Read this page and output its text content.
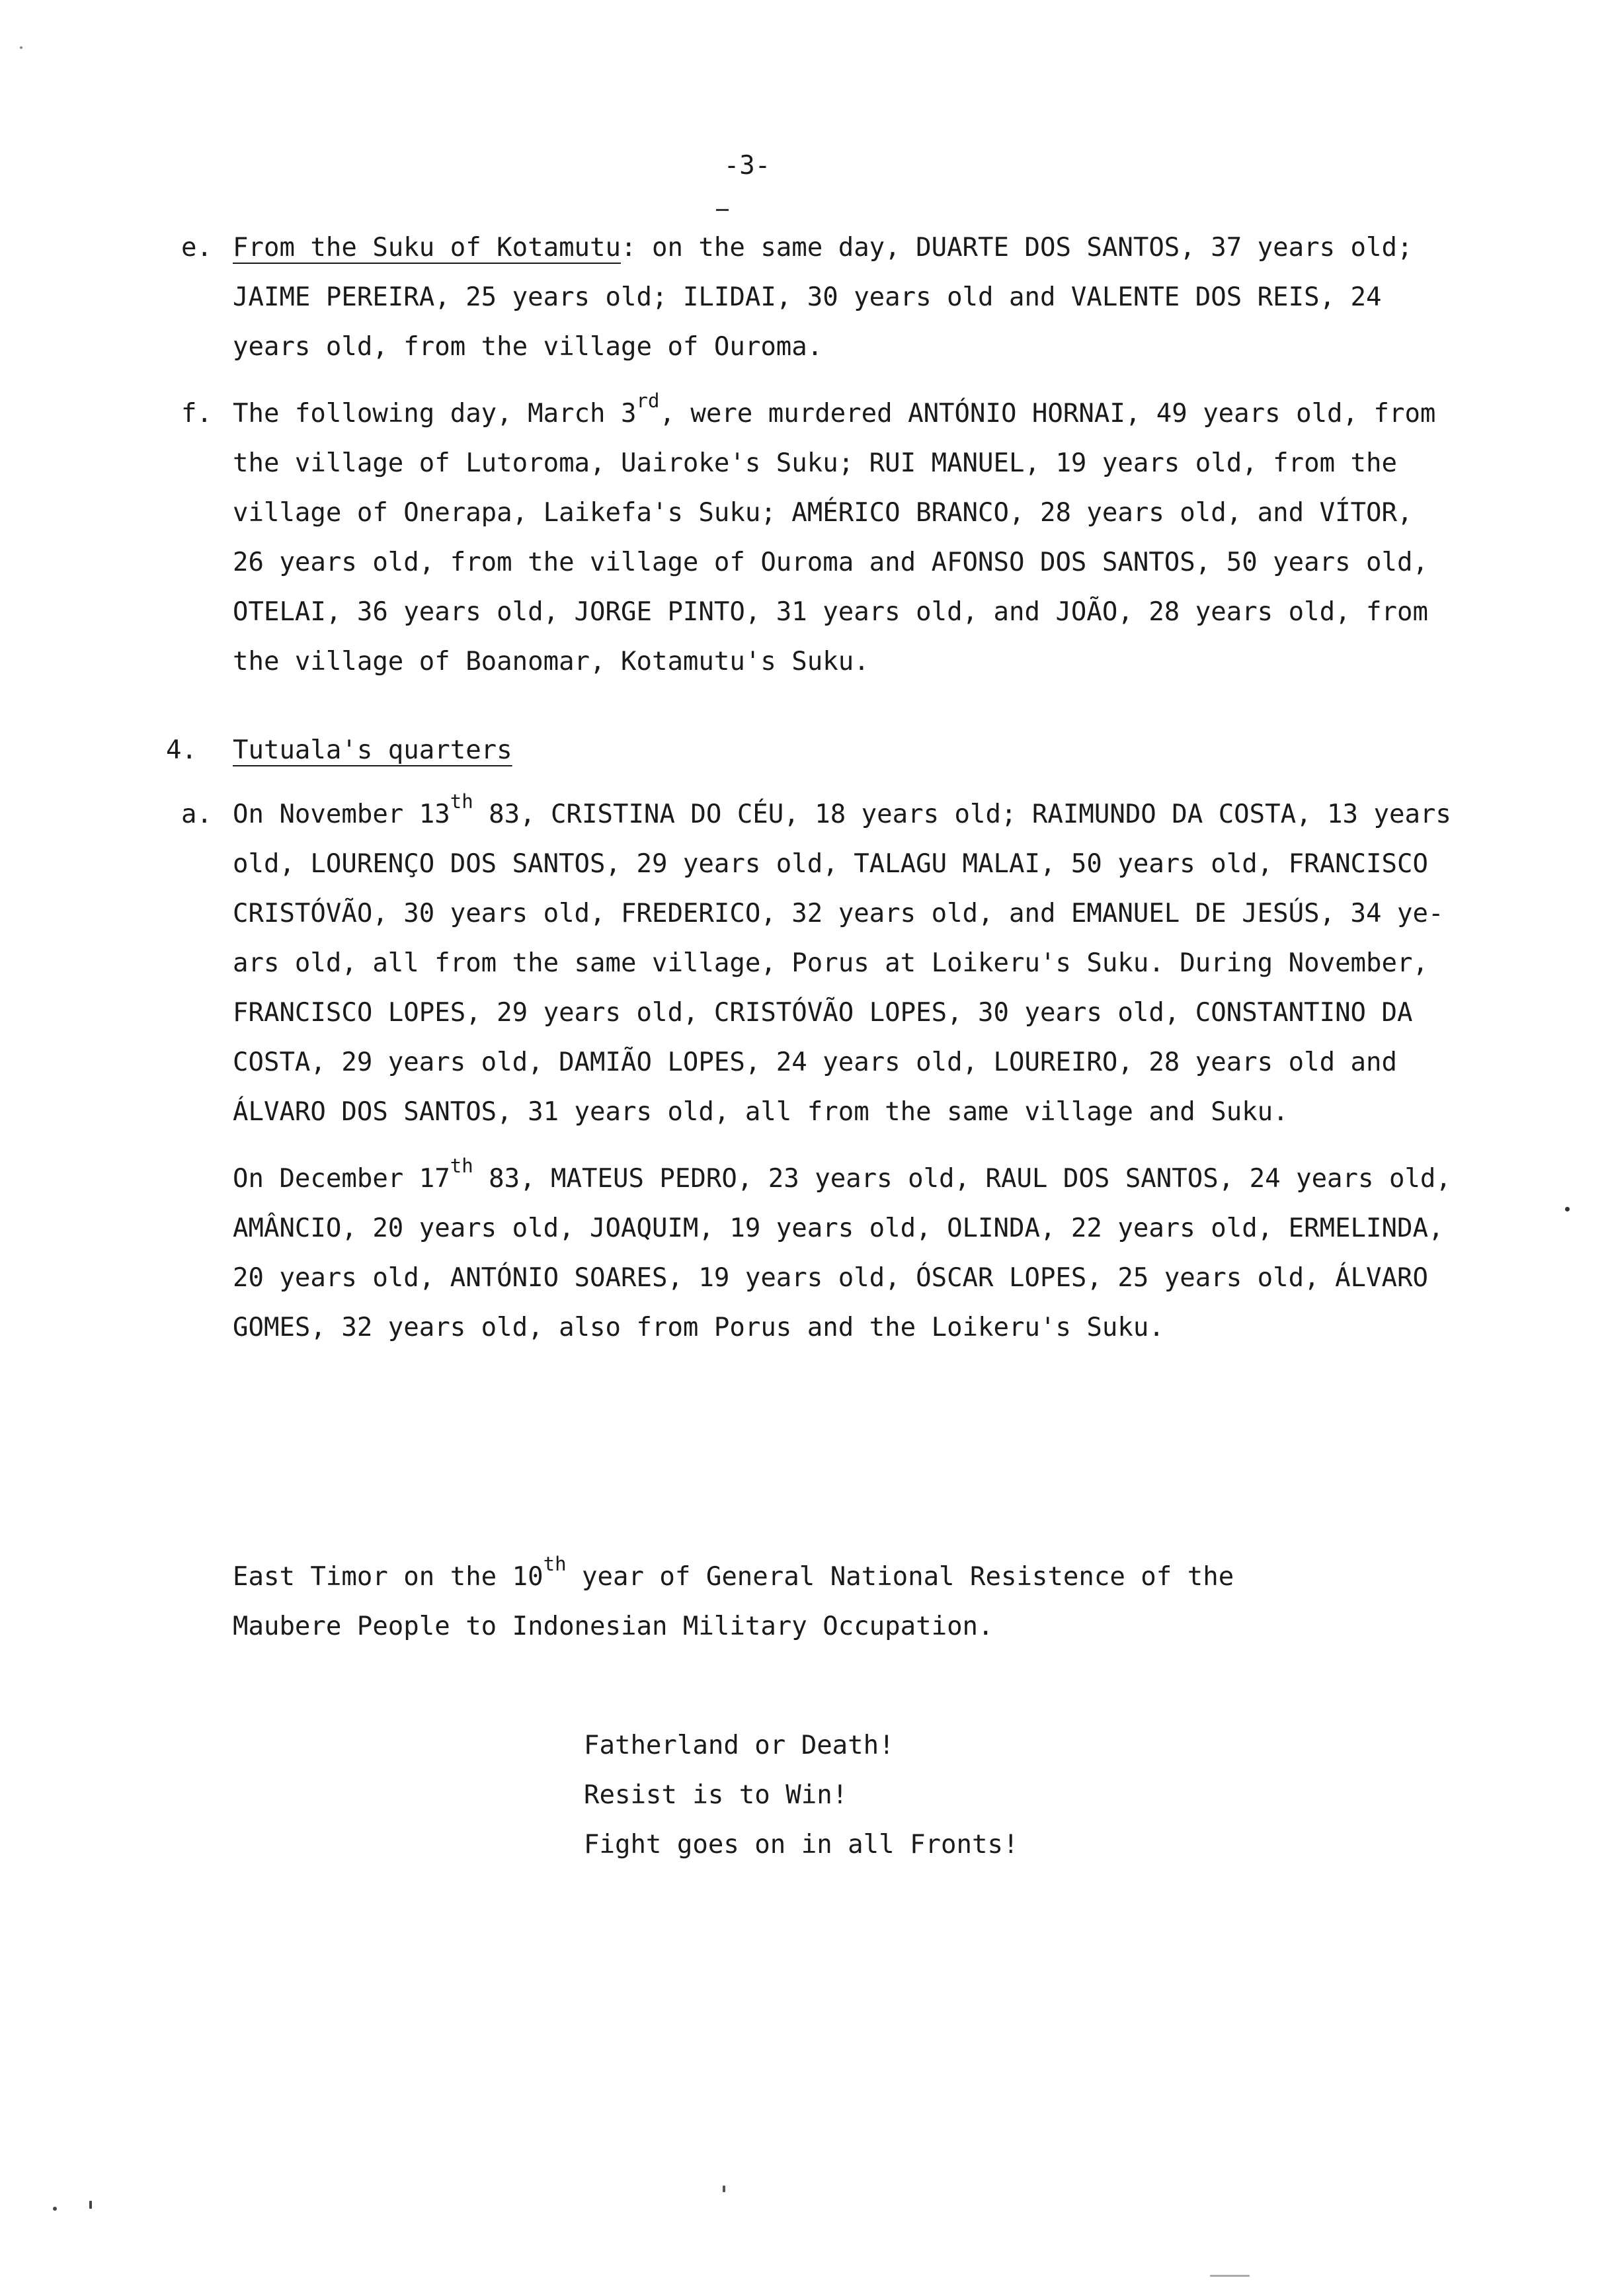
-3-
e. From the Suku of Kotamutu: on the same day, DUARTE DOS SANTOS, 37 years old;
JAIME PEREIRA, 25 years old; ILIDAI, 30 years old and VALENTE DOS REIS, 24
years old, from the village of Ouroma.
f. The following day, March 3rd, were murdered ANTÓNIO HORNAI, 49 years old, from
the village of Lutoroma, Uairoke's Suku; RUI MANUEL, 19 years old, from the
village of Onerapa, Laikefa's Suku; AMÉRICO BRANCO, 28 years old, and VÍTOR,
26 years old, from the village of Ouroma and AFONSO DOS SANTOS, 50 years old,
OTELAI, 36 years old, JORGE PINTO, 31 years old, and JOÃO, 28 years old, from
the village of Boanomar, Kotamutu's Suku.
4. Tutuala's quarters
a. On November 13th 83, CRISTINA DO CÉU, 18 years old; RAIMUNDO DA COSTA, 13 years
old, LOURENÇO DOS SANTOS, 29 years old, TALAGU MALAI, 50 years old, FRANCISCO
CRISTÓVÃO, 30 years old, FREDERICO, 32 years old, and EMANUEL DE JESÚS, 34 ye-
ars old, all from the same village, Porus at Loikeru's Suku. During November,
FRANCISCO LOPES, 29 years old, CRISTÓVÃO LOPES, 30 years old, CONSTANTINO DA
COSTA, 29 years old, DAMIÃO LOPES, 24 years old, LOUREIRO, 28 years old and
ÁLVARO DOS SANTOS, 31 years old, all from the same village and Suku.
On December 17th 83, MATEUS PEDRO, 23 years old, RAUL DOS SANTOS, 24 years old,
AMÂNCIO, 20 years old, JOAQUIM, 19 years old, OLINDA, 22 years old, ERMELINDA,
20 years old, ANTÓNIO SOARES, 19 years old, ÓSCAR LOPES, 25 years old, ÁLVARO
GOMES, 32 years old, also from Porus and the Loikeru's Suku.
East Timor on the 10th year of General National Resistence of the
Maubere People to Indonesian Military Occupation.
Fatherland or Death!
Resist is to Win!
Fight goes on in all Fronts!
